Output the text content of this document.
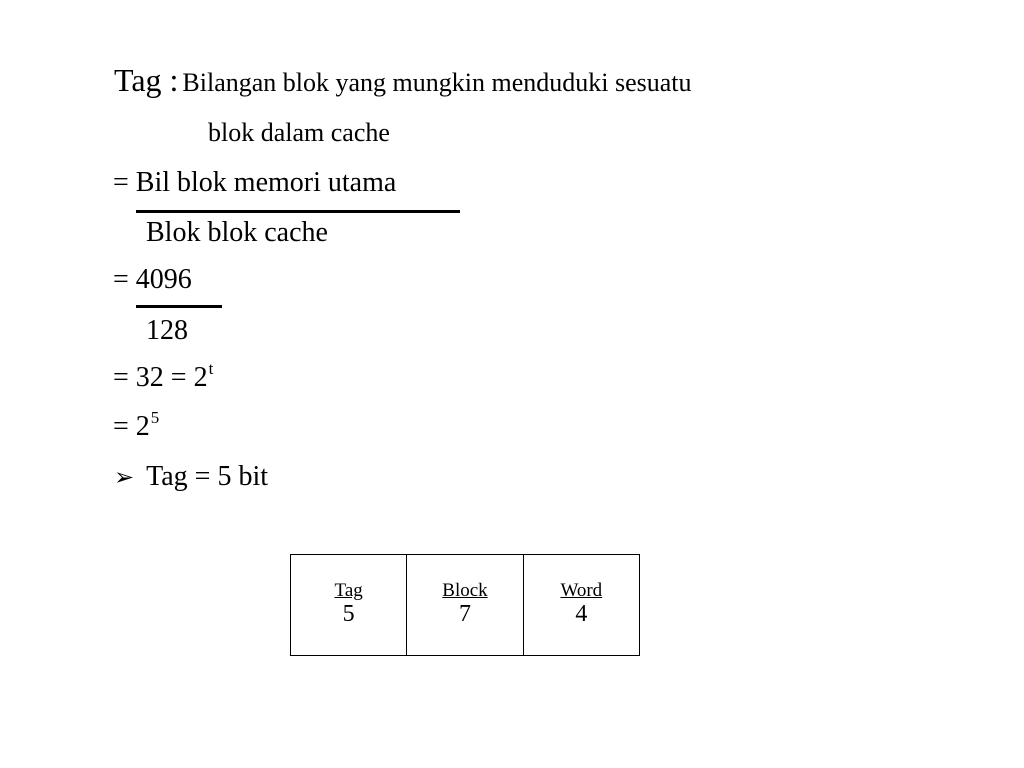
Tag : Bilangan blok yang mungkin menduduki sesuatu
blok dalam cache
= Bil blok memori utama
Blok blok cache
= 4096
128
= $32 = 2^t$
= $2^5$
➢ Tag = 5 bit
Tag
5
Block
7
Word
4
